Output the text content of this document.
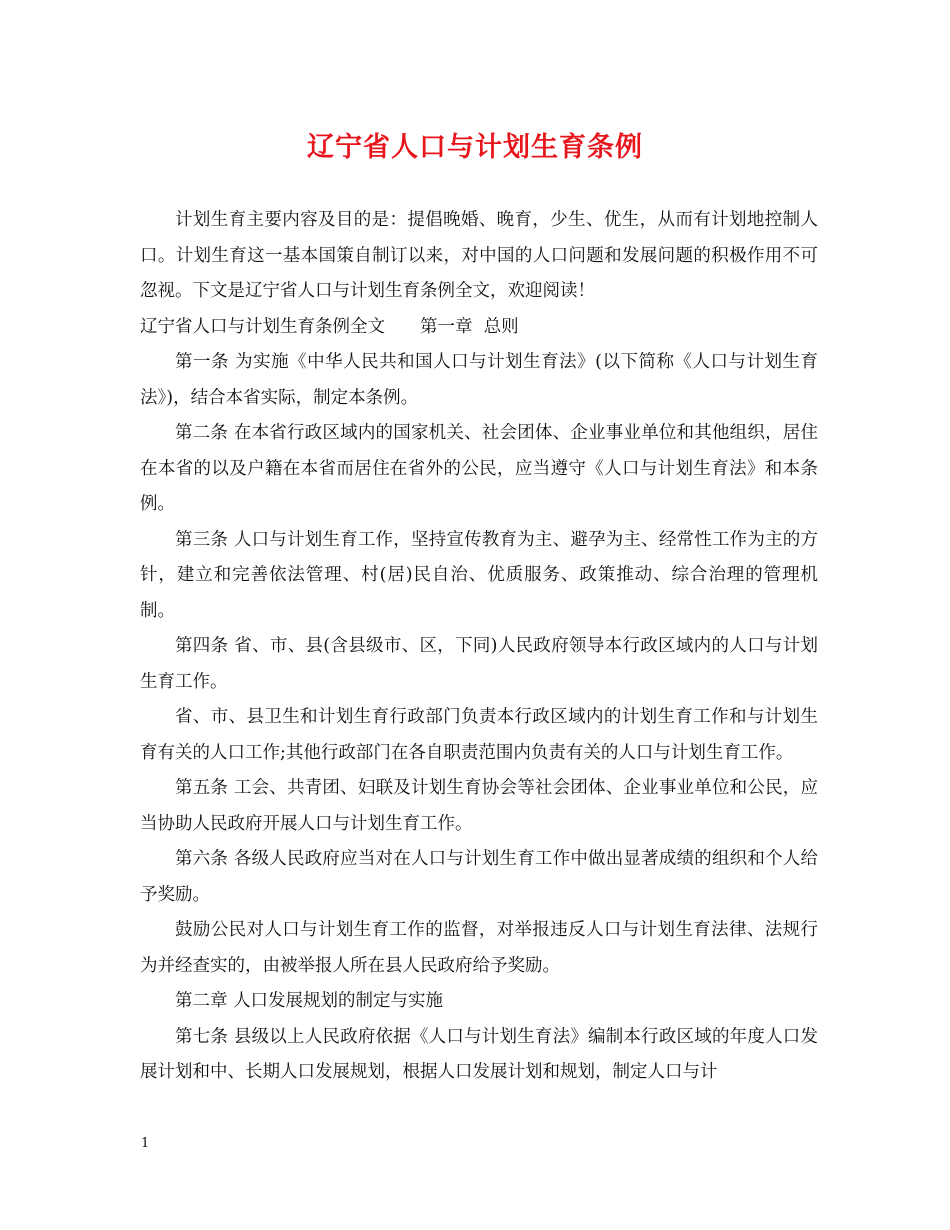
辽宁省人口与计划生育条例

计划生育主要内容及目的是：提倡晚婚、晚育，少生、优生，从而有计划地控制人口。计划生育这一基本国策自制订以来，对中国的人口问题和发展问题的积极作用不可忽视。下文是辽宁省人口与计划生育条例全文，欢迎阅读！

辽宁省人口与计划生育条例全文　　第一章  总则

第一条 为实施《中华人民共和国人口与计划生育法》(以下简称《人口与计划生育法》)，结合本省实际，制定本条例。

第二条 在本省行政区域内的国家机关、社会团体、企业事业单位和其他组织，居住在本省的以及户籍在本省而居住在省外的公民，应当遵守《人口与计划生育法》和本条例。

第三条 人口与计划生育工作，坚持宣传教育为主、避孕为主、经常性工作为主的方针，建立和完善依法管理、村(居)民自治、优质服务、政策推动、综合治理的管理机制。

第四条 省、市、县(含县级市、区，下同)人民政府领导本行政区域内的人口与计划生育工作。

省、市、县卫生和计划生育行政部门负责本行政区域内的计划生育工作和与计划生育有关的人口工作;其他行政部门在各自职责范围内负责有关的人口与计划生育工作。

第五条 工会、共青团、妇联及计划生育协会等社会团体、企业事业单位和公民，应当协助人民政府开展人口与计划生育工作。

第六条 各级人民政府应当对在人口与计划生育工作中做出显著成绩的组织和个人给予奖励。

鼓励公民对人口与计划生育工作的监督，对举报违反人口与计划生育法律、法规行为并经查实的，由被举报人所在县人民政府给予奖励。

第二章 人口发展规划的制定与实施

第七条 县级以上人民政府依据《人口与计划生育法》编制本行政区域的年度人口发展计划和中、长期人口发展规划，根据人口发展计划和规划，制定人口与计

1
